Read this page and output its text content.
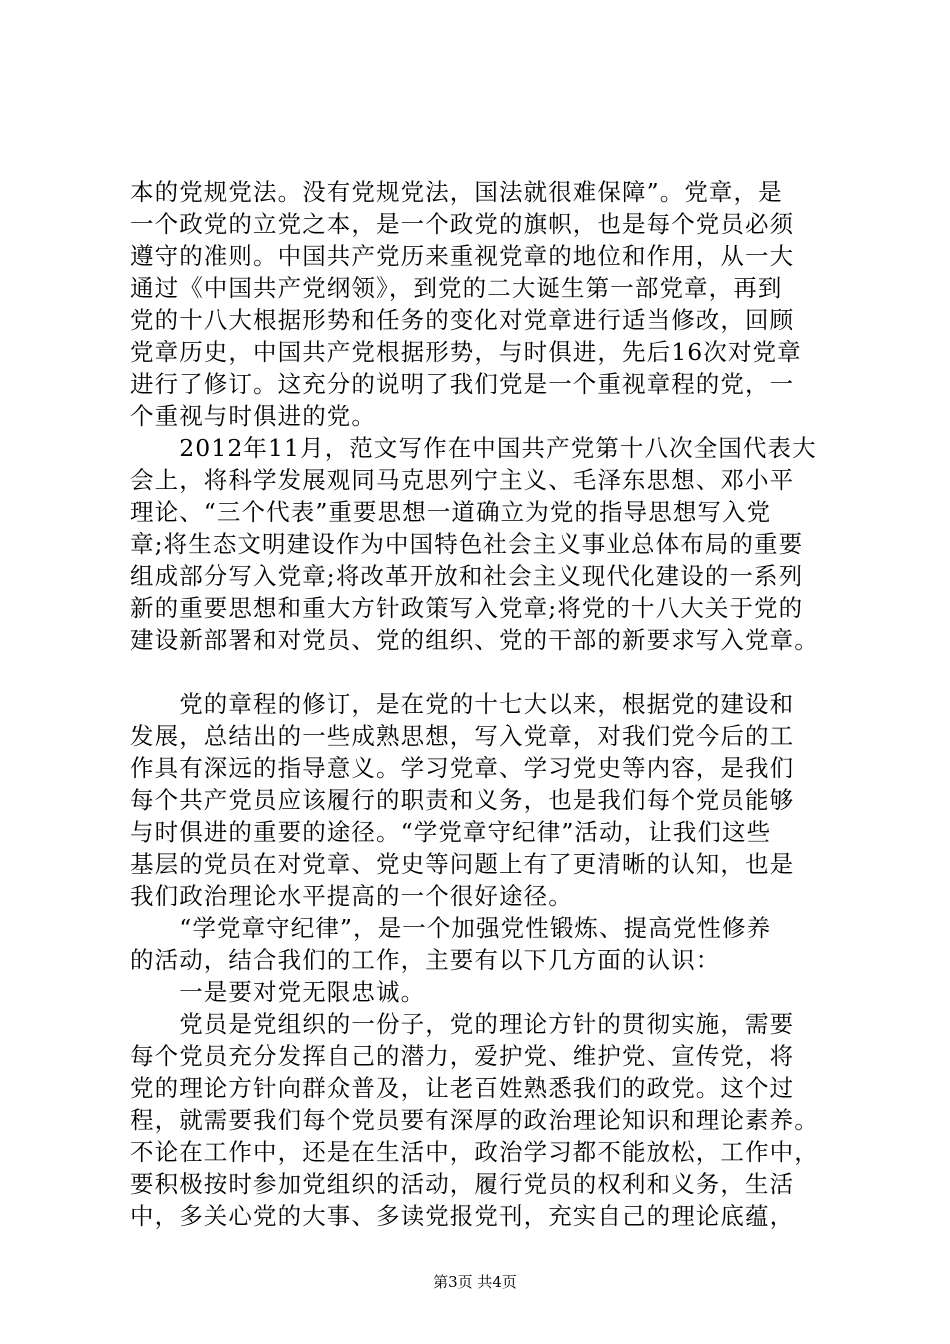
本的党规党法。没有党规党法，国法就很难保障”。党章，是
一个政党的立党之本，是一个政党的旗帜，也是每个党员必须
遵守的准则。中国共产党历来重视党章的地位和作用，从一大
通过《中国共产党纲领》，到党的二大诞生第一部党章，再到
党的十八大根据形势和任务的变化对党章进行适当修改，回顾
党章历史，中国共产党根据形势，与时俱进，先后16次对党章
进行了修订。这充分的说明了我们党是一个重视章程的党，一
个重视与时俱进的党。
　　2012年11月，范文写作在中国共产党第十八次全国代表大
会上，将科学发展观同马克思列宁主义、毛泽东思想、邓小平
理论、“三个代表”重要思想一道确立为党的指导思想写入党
章;将生态文明建设作为中国特色社会主义事业总体布局的重要
组成部分写入党章;将改革开放和社会主义现代化建设的一系列
新的重要思想和重大方针政策写入党章;将党的十八大关于党的
建设新部署和对党员、党的组织、党的干部的新要求写入党章。
　　党的章程的修订，是在党的十七大以来，根据党的建设和
发展，总结出的一些成熟思想，写入党章，对我们党今后的工
作具有深远的指导意义。学习党章、学习党史等内容，是我们
每个共产党员应该履行的职责和义务，也是我们每个党员能够
与时俱进的重要的途径。“学党章守纪律”活动，让我们这些
基层的党员在对党章、党史等问题上有了更清晰的认知，也是
我们政治理论水平提高的一个很好途径。
　　“学党章守纪律”，是一个加强党性锻炼、提高党性修养
的活动，结合我们的工作，主要有以下几方面的认识：
　　一是要对党无限忠诚。
　　党员是党组织的一份子，党的理论方针的贯彻实施，需要
每个党员充分发挥自己的潜力，爱护党、维护党、宣传党，将
党的理论方针向群众普及，让老百姓熟悉我们的政党。这个过
程，就需要我们每个党员要有深厚的政治理论知识和理论素养。
不论在工作中，还是在生活中，政治学习都不能放松，工作中，
要积极按时参加党组织的活动，履行党员的权利和义务，生活
中，多关心党的大事、多读党报党刊，充实自己的理论底蕴，
第3页 共4页
